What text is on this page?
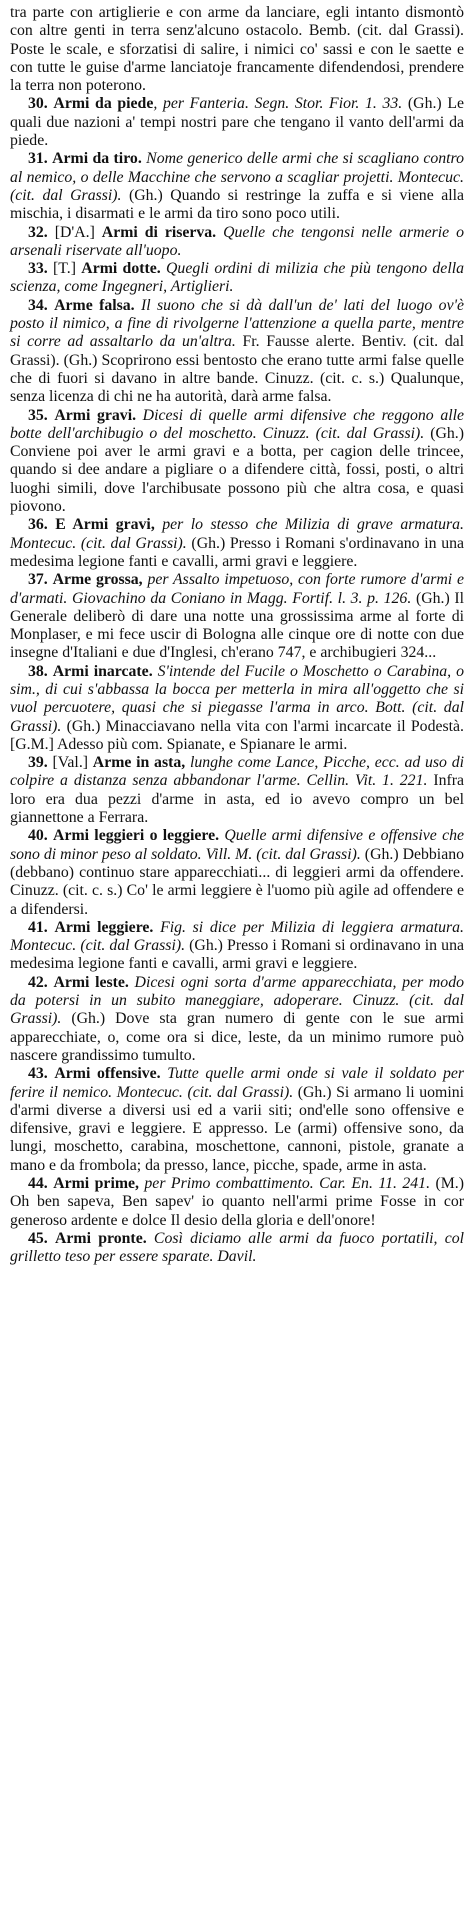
tra parte con artiglierie e con arme da lanciare, egli intanto dismontò con altre genti in terra senz'alcuno ostacolo. Bemb. (cit. dal Grassi). Poste le scale, e sforzatisi di salire, i nimici co' sassi e con le saette e con tutte le guise d'arme lanciatoje francamente difendendosi, prendere la terra non poterono.

30. Armi da piede, per Fanteria. Segn. Stor. Fior. 1. 33. (Gh.) Le quali due nazioni a' tempi nostri pare che tengano il vanto dell'armi da piede.

31. Armi da tiro. Nome generico delle armi che si scagliano contro al nemico, o delle Macchine che servono a scagliar projetti. Montecuc. (cit. dal Grassi). (Gh.) Quando si restringe la zuffa e si viene alla mischia, i disarmati e le armi da tiro sono poco utili.

32. [D'A.] Armi di riserva. Quelle che tengonsi nelle armerie o arsenali riservate all'uopo.

33. [T.] Armi dotte. Quegli ordini di milizia che più tengono della scienza, come Ingegneri, Artiglieri.

34. Arme falsa. Il suono che si dà dall'un de' lati del luogo ov'è posto il nimico, a fine di rivolgerne l'attenzione a quella parte, mentre si corre ad assaltarlo da un'altra. Fr. Fausse alerte. Bentiv. (cit. dal Grassi). (Gh.) Scoprirono essi bentosto che erano tutte armi false quelle che di fuori si davano in altre bande. Cinuzz. (cit. c. s.) Qualunque, senza licenza di chi ne ha autorità, darà arme falsa.

35. Armi gravi. Dicesi di quelle armi difensive che reggono alle botte dell'archibugio o del moschetto. Cinuzz. (cit. dal Grassi). (Gh.) Conviene poi aver le armi gravi e a botta, per cagion delle trincee, quando si dee andare a pigliare o a difendere città, fossi, posti, o altri luoghi simili, dove l'archibusate possono più che altra cosa, e quasi piovono.

36. E Armi gravi, per lo stesso che Milizia di grave armatura. Montecuc. (cit. dal Grassi). (Gh.) Presso i Romani s'ordinavano in una medesima legione fanti e cavalli, armi gravi e leggiere.

37. Arme grossa, per Assalto impetuoso, con forte rumore d'armi e d'armati. Giovachino da Coniano in Magg. Fortif. l. 3. p. 126. (Gh.) Il Generale deliberò di dare una notte una grossissima arme al forte di Monplaser, e mi fece uscir di Bologna alle cinque ore di notte con due insegne d'Italiani e due d'Inglesi, ch'erano 747, e archibugieri 324...

38. Armi inarcate. S'intende del Fucile o Moschetto o Carabina, o sim., di cui s'abbassa la bocca per metterla in mira all'oggetto che si vuol percuotere, quasi che si piegasse l'arma in arco. Bott. (cit. dal Grassi). (Gh.) Minacciavano nella vita con l'armi incarcate il Podestà. [G.M.] Adesso più com. Spianate, e Spianare le armi.

39. [Val.] Arme in asta, lunghe come Lance, Picche, ecc. ad uso di colpire a distanza senza abbandonar l'arme. Cellin. Vit. 1. 221. Infra loro era dua pezzi d'arme in asta, ed io avevo compro un bel giannettone a Ferrara.

40. Armi leggieri o leggiere. Quelle armi difensive e offensive che sono di minor peso al soldato. Vill. M. (cit. dal Grassi). (Gh.) Debbiano (debbano) continuo stare apparecchiati... di leggieri armi da offendere. Cinuzz. (cit. c. s.) Co' le armi leggiere è l'uomo più agile ad offendere e a difendersi.

41. Armi leggiere. Fig. si dice per Milizia di leggiera armatura. Montecuc. (cit. dal Grassi). (Gh.) Presso i Romani si ordinavano in una medesima legione fanti e cavalli, armi gravi e leggiere.

42. Armi leste. Dicesi ogni sorta d'arme apparecchiata, per modo da potersi in un subito maneggiare, adoperare. Cinuzz. (cit. dal Grassi). (Gh.) Dove sta gran numero di gente con le sue armi apparecchiate, o, come ora si dice, leste, da un minimo rumore può nascere grandissimo tumulto.

43. Armi offensive. Tutte quelle armi onde si vale il soldato per ferire il nemico. Montecuc. (cit. dal Grassi). (Gh.) Si armano li uomini d'armi diverse a diversi usi ed a varii siti; ond'elle sono offensive e difensive, gravi e leggiere. E appresso. Le (armi) offensive sono, da lungi, moschetto, carabina, moschettone, cannoni, pistole, granate a mano e da frombola; da presso, lance, picche, spade, arme in asta.

44. Armi prime, per Primo combattimento. Car. En. 11. 241. (M.) Oh ben sapeva, Ben sapev' io quanto nell'armi prime Fosse in cor generoso ardente e dolce Il desio della gloria e dell'onore!

45. Armi pronte. Così diciamo alle armi da fuoco portatili, col grilletto teso per essere sparate. Davil.
